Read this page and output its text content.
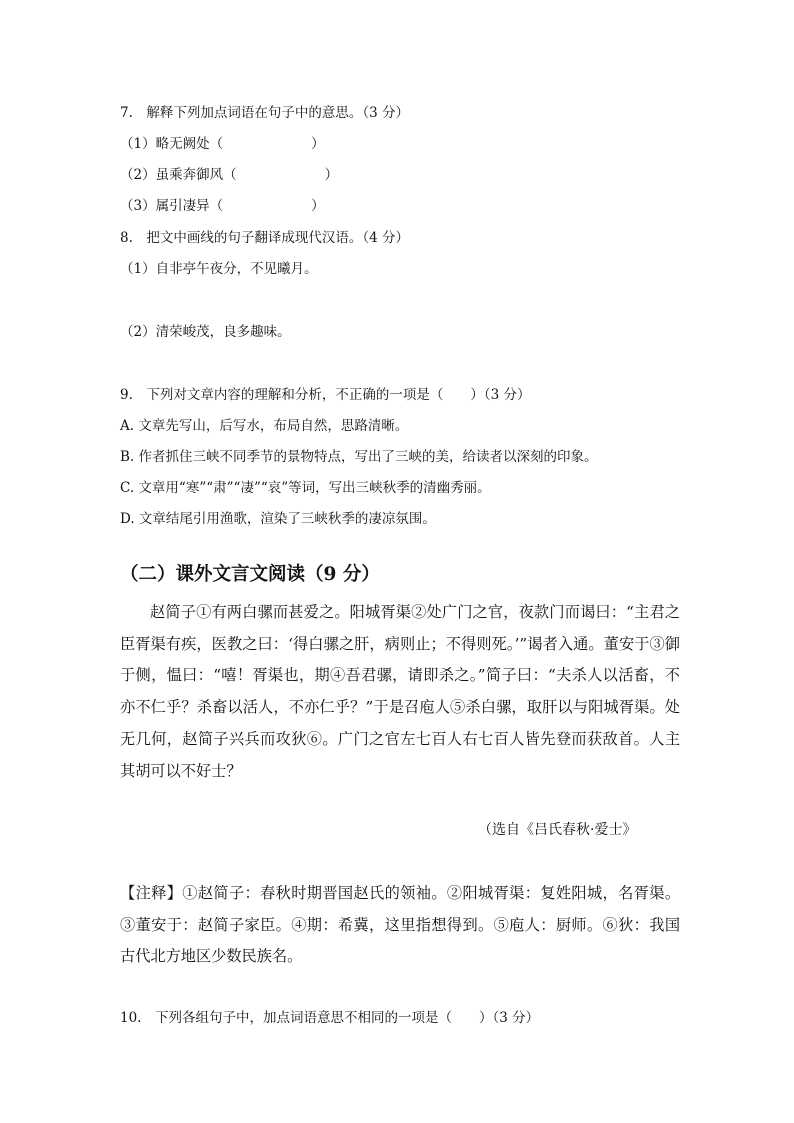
7.　解释下列加点词语在句子中的意思。（3 分）
（1）略无阙处（	）
（2）虽乘奔御风（	）
（3）属引凄异（	）
8.　把文中画线的句子翻译成现代汉语。（4 分）
（1）自非亭午夜分，不见曦月。
（2）清荣峻茂，良多趣味。
9.　下列对文章内容的理解和分析，不正确的一项是（　　）（3 分）
A. 文章先写山，后写水，布局自然，思路清晰。
B. 作者抓住三峡不同季节的景物特点，写出了三峡的美，给读者以深刻的印象。
C. 文章用“寒”“肃”“凄”“哀”等词，写出三峡秋季的清幽秀丽。
D. 文章结尾引用渔歌，渲染了三峡秋季的凄凉氛围。
（二）课外文言文阅读（9 分）
赵简子①有两白骡而甚爱之。阳城胥渠②处广门之官，夜款门而谒曰：“主君之臣胥渠有疾，医教之曰：‘得白骡之肝，病则止；不得则死。’”谒者入通。董安于③御于侧，愠曰：“嘻！胥渠也，期④吾君骡，请即杀之。”简子曰：“夫杀人以活畜，不亦不仁乎？杀畜以活人，不亦仁乎？”于是召庖人⑤杀白骡，取肝以与阳城胥渠。处无几何，赵简子兴兵而攻狄⑥。广门之官左七百人右七百人皆先登而获敌首。人主其胡可以不好士？
（选自《吕氏春秋·爱士》
【注释】①赵简子：春秋时期晋国赵氏的领袖。②阳城胥渠：复姓阳城，名胥渠。③董安于：赵简子家臣。④期：希冀，这里指想得到。⑤庖人：厨师。⑥狄：我国古代北方地区少数民族名。
10.　下列各组句子中，加点词语意思不相同的一项是（　　）（3 分）
